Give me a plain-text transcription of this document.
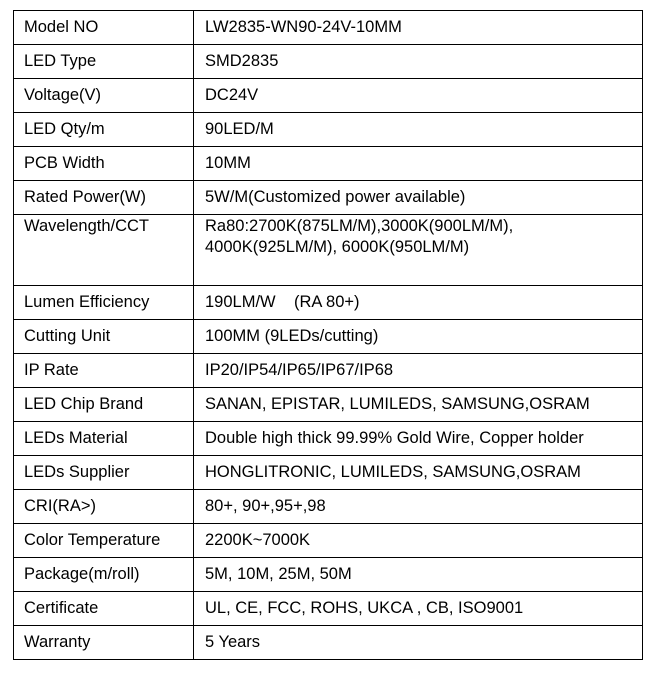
Model NO	LW2835-WN90-24V-10MM
LED Type	SMD2835
Voltage(V)	DC24V
LED Qty/m	90LED/M
PCB Width	10MM
Rated Power(W)	5W/M(Customized power available)
Wavelength/CCT	Ra80:2700K(875LM/M),3000K(900LM/M),
4000K(925LM/M), 6000K(950LM/M)

Lumen Efficiency	190LM/W    (RA 80+)
Cutting Unit	100MM (9LEDs/cutting)
IP Rate	IP20/IP54/IP65/IP67/IP68
LED Chip Brand	SANAN, EPISTAR, LUMILEDS, SAMSUNG,OSRAM
LEDs Material	Double high thick 99.99% Gold Wire, Copper holder
LEDs Supplier	HONGLITRONIC, LUMILEDS, SAMSUNG,OSRAM
CRI(RA>)	80+, 90+,95+,98
Color Temperature	2200K~7000K
Package(m/roll)	5M, 10M, 25M, 50M
Certificate	UL, CE, FCC, ROHS, UKCA , CB, ISO9001
Warranty	5 Years
